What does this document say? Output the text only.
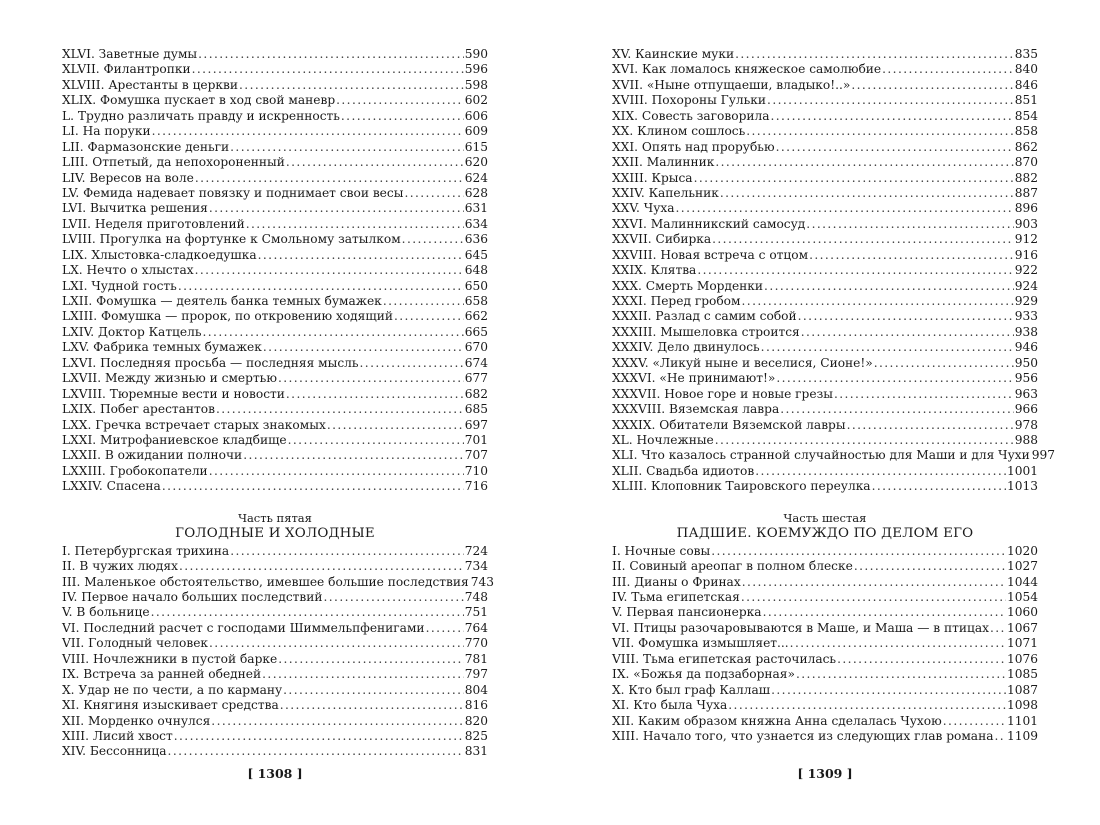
XLVI. Заветные думы .....	590
XLVII. Филантропки .....	596
XLVIII. Арестанты в церкви .....	598
XLIX. Фомушка пускает в ход свой маневр .....	602
L. Трудно различать правду и искренность .....	606
LI. На поруки .....	609
LII. Фармазонские деньги .....	615
LIII. Отпетый, да непохороненный .....	620
LIV. Вересов на воле .....	624
LV. Фемида надевает повязку и поднимает свои весы .....	628
LVI. Вычитка решения .....	631
LVII. Неделя приготовлений .....	634
LVIII. Прогулка на фортунке к Смольному затылком .....	636
LIX. Хлыстовка-сладкоедушка .....	645
LX. Нечто о хлыстах .....	648
LXI. Чудной гость .....	650
LXII. Фомушка — деятель банка темных бумажек .....	658
LXIII. Фомушка — пророк, по откровению ходящий .....	662
LXIV. Доктор Катцель .....	665
LXV. Фабрика темных бумажек .....	670
LXVI. Последняя просьба — последняя мысль .....	674
LXVII. Между жизнью и смертью .....	677
LXVIII. Тюремные вести и новости .....	682
LXIX. Побег арестантов .....	685
LXX. Гречка встречает старых знакомых .....	697
LXXI. Митрофаниевское кладбище .....	701
LXXII. В ожидании полночи .....	707
LXXIII. Гробокопатели .....	710
LXXIV. Спасена .....	716
Часть пятая
ГОЛОДНЫЕ И ХОЛОДНЫЕ
I. Петербургская трихина .....	724
II. В чужих людях .....	734
III. Маленькое обстоятельство, имевшее большие последствия 743
IV. Первое начало больших последствий .....	748
V. В больнице .....	751
VI. Последний расчет с господами Шиммельпфенигами .....	764
VII. Голодный человек .....	770
VIII. Ночлежники в пустой барке .....	781
IX. Встреча за ранней обедней .....	797
X. Удар не по чести, а по карману .....	804
XI. Княгиня изыскивает средства .....	816
XII. Морденко очнулся .....	820
XIII. Лисий хвост .....	825
XIV. Бессонница .....	831
XV. Каинские муки .....	835
XVI. Как ломалось княжеское самолюбие .....	840
XVII. «Ныне отпущаеши, владыко!..» .....	846
XVIII. Похороны Гульки .....	851
XIX. Совесть заговорила .....	854
XX. Клином сошлось .....	858
XXI. Опять над прорубью .....	862
XXII. Малинник .....	870
XXIII. Крыса .....	882
XXIV. Капельник .....	887
XXV. Чуха .....	896
XXVI. Малинникский самосуд .....	903
XXVII. Сибирка .....	912
XXVIII. Новая встреча с отцом .....	916
XXIX. Клятва .....	922
XXX. Смерть Морденки .....	924
XXXI. Перед гробом .....	929
XXXII. Разлад с самим собой .....	933
XXXIII. Мышеловка строится .....	938
XXXIV. Дело двинулось .....	946
XXXV. «Ликуй ныне и веселися, Сионе!» .....	950
XXXVI. «Не принимают!» .....	956
XXXVII. Новое горе и новые грезы .....	963
XXXVIII. Вяземская лавра .....	966
XXXIX. Обитатели Вяземской лавры .....	978
XL. Ночлежные .....	988
XLI. Что казалось странной случайностью для Маши и для Чухи 997
XLII. Свадьба идиотов .....	1001
XLIII. Клоповник Таировского переулка .....	1013
Часть шестая
ПАДШИЕ. КОЕМУЖДО ПО ДЕЛОМ ЕГО
I. Ночные совы .....	1020
II. Совиный ареопаг в полном блеске .....	1027
III. Дианы о Фринах .....	1044
IV. Тьма египетская .....	1054
V. Первая пансионерка .....	1060
VI. Птицы разочаровываются в Маше, и Маша — в птицах ..... 1067
VII. Фомушка измышляет... .....	1071
VIII. Тьма египетская расточилась .....	1076
IX. «Божья да подзаборная» .....	1085
X. Кто был граф Каллаш .....	1087
XI. Кто была Чуха .....	1098
XII. Каким образом княжна Анна сделалась Чухою .....	1101
XIII. Начало того, что узнается из следующих глав романа ..... 1109
[ 1308 ]	[ 1309 ]
